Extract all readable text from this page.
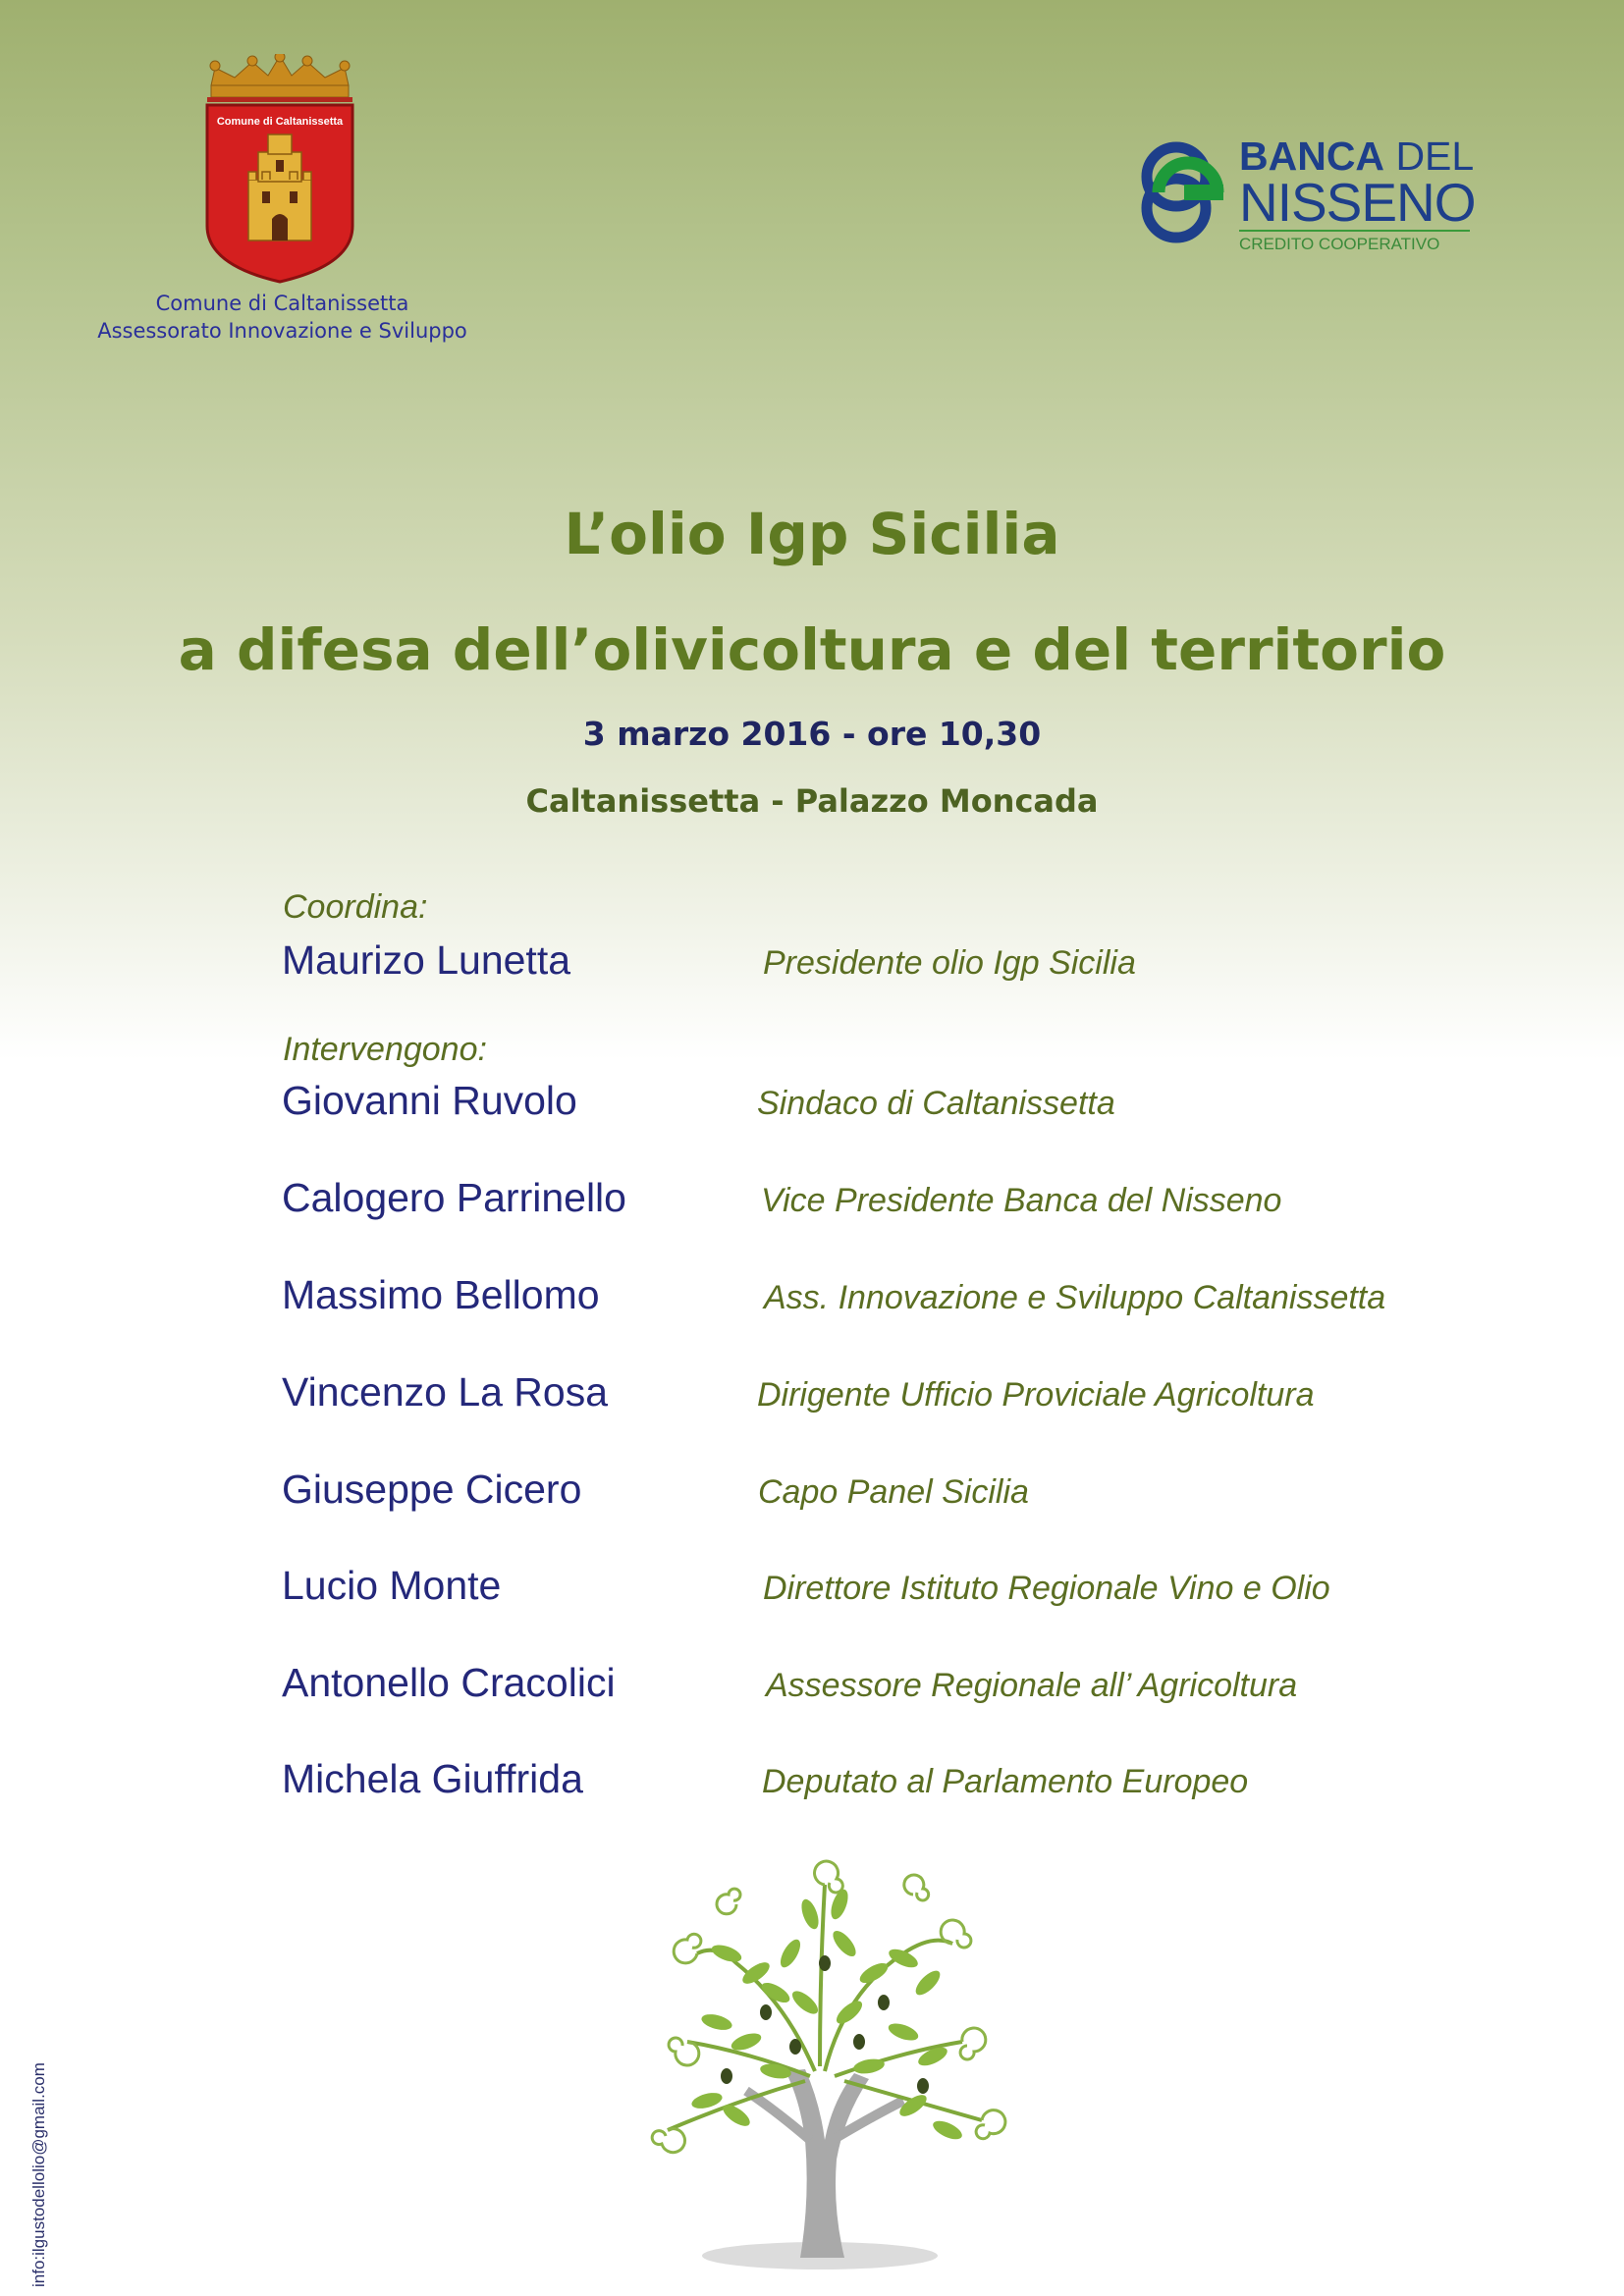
Comune di Caltanissetta
Comune di Caltanissetta
Assessorato Innovazione e Sviluppo
BANCA DEL
NISSENO
CREDITO COOPERATIVO
L’olio Igp Sicilia
a difesa dell’olivicoltura e del territorio
3 marzo 2016 - ore 10,30
Caltanissetta - Palazzo Moncada
Coordina:
Maurizo Lunetta	Presidente olio Igp Sicilia
Intervengono:
Giovanni Ruvolo	Sindaco di Caltanissetta
Calogero Parrinello	Vice Presidente Banca del Nisseno
Massimo Bellomo	Ass. Innovazione e Sviluppo Caltanissetta
Vincenzo La Rosa	Dirigente Ufficio Proviciale Agricoltura
Giuseppe Cicero	Capo Panel Sicilia
Lucio Monte	Direttore Istituto Regionale Vino e Olio
Antonello Cracolici	Assessore Regionale all’ Agricoltura
Michela Giuffrida	Deputato al Parlamento Europeo
info:ilgustodellolio@gmail.com
